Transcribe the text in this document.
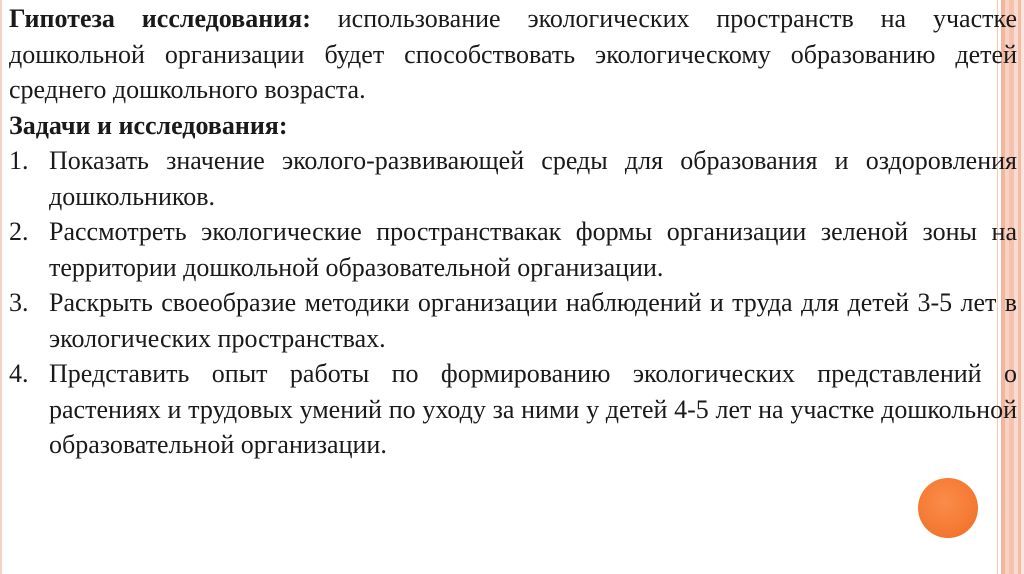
Гипотеза исследования: использование экологических пространств на участке дошкольной организации будет способствовать экологическому образованию детей среднего дошкольного возраста.

Задачи и исследования:

1. Показать значение эколого-развивающей среды для образования и оздоровления дошкольников.
2. Рассмотреть экологические пространствакак формы организации зеленой зоны на территории дошкольной образовательной организации.
3. Раскрыть своеобразие методики организации наблюдений и труда для детей 3-5 лет в экологических пространствах.
4. Представить опыт работы по формированию экологических представлений о растениях и трудовых умений по уходу за ними у детей 4-5 лет на участке дошкольной образовательной организации.
